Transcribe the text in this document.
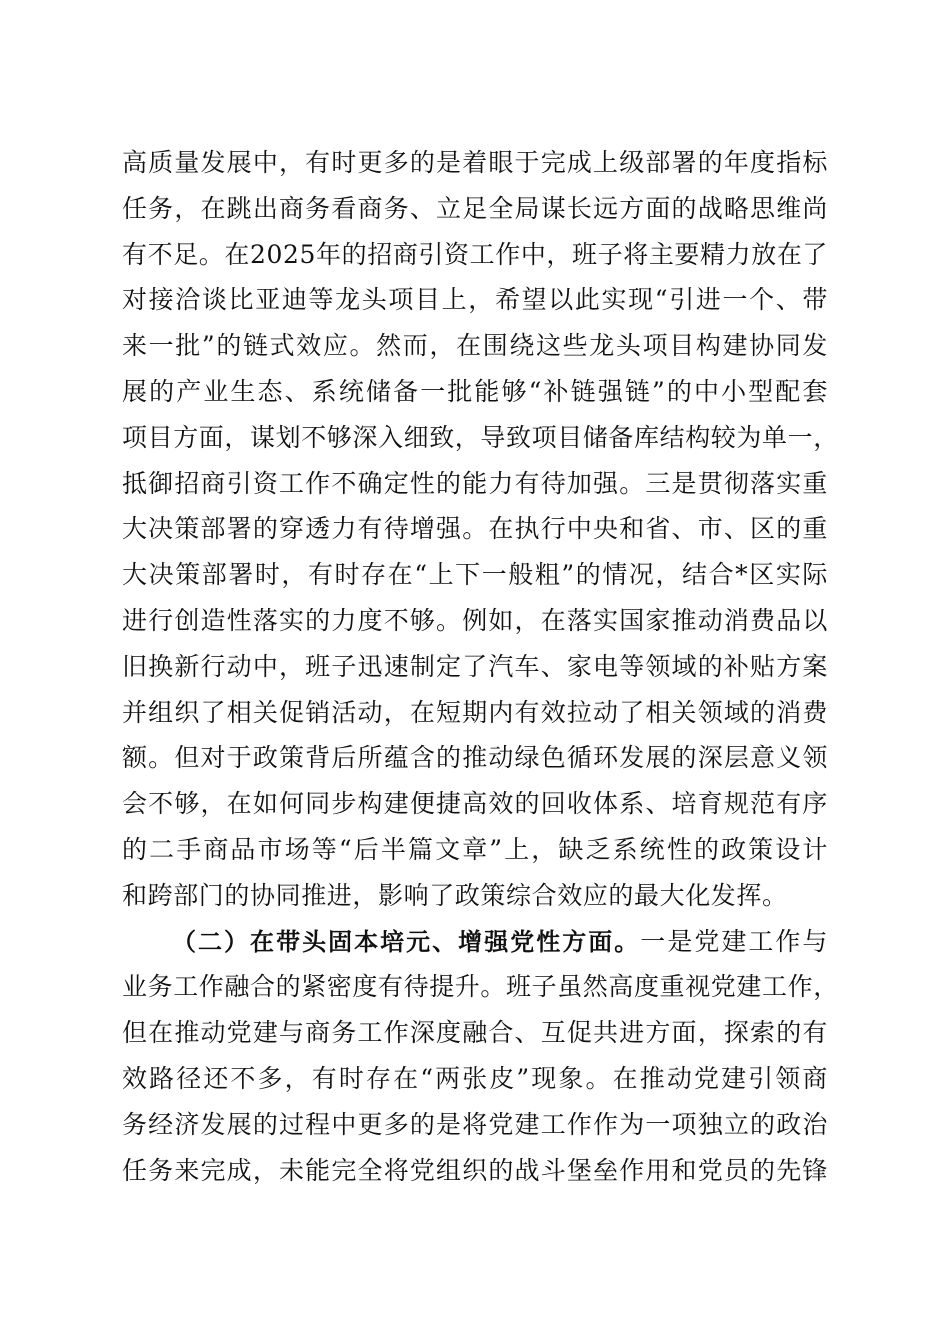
高质量发展中，有时更多的是着眼于完成上级部署的年度指标
任务，在跳出商务看商务、立足全局谋长远方面的战略思维尚
有不足。在2025年的招商引资工作中，班子将主要精力放在了
对接洽谈比亚迪等龙头项目上，希望以此实现“引进一个、带
来一批”的链式效应。然而，在围绕这些龙头项目构建协同发
展的产业生态、系统储备一批能够“补链强链”的中小型配套
项目方面，谋划不够深入细致，导致项目储备库结构较为单一，
抵御招商引资工作不确定性的能力有待加强。三是贯彻落实重
大决策部署的穿透力有待增强。在执行中央和省、市、区的重
大决策部署时，有时存在“上下一般粗”的情况，结合*区实际
进行创造性落实的力度不够。例如，在落实国家推动消费品以
旧换新行动中，班子迅速制定了汽车、家电等领域的补贴方案
并组织了相关促销活动，在短期内有效拉动了相关领域的消费
额。但对于政策背后所蕴含的推动绿色循环发展的深层意义领
会不够，在如何同步构建便捷高效的回收体系、培育规范有序
的二手商品市场等“后半篇文章”上，缺乏系统性的政策设计
和跨部门的协同推进，影响了政策综合效应的最大化发挥。
（二）在带头固本培元、增强党性方面。一是党建工作与
业务工作融合的紧密度有待提升。班子虽然高度重视党建工作，
但在推动党建与商务工作深度融合、互促共进方面，探索的有
效路径还不多，有时存在“两张皮”现象。在推动党建引领商
务经济发展的过程中更多的是将党建工作作为一项独立的政治
任务来完成，未能完全将党组织的战斗堡垒作用和党员的先锋
